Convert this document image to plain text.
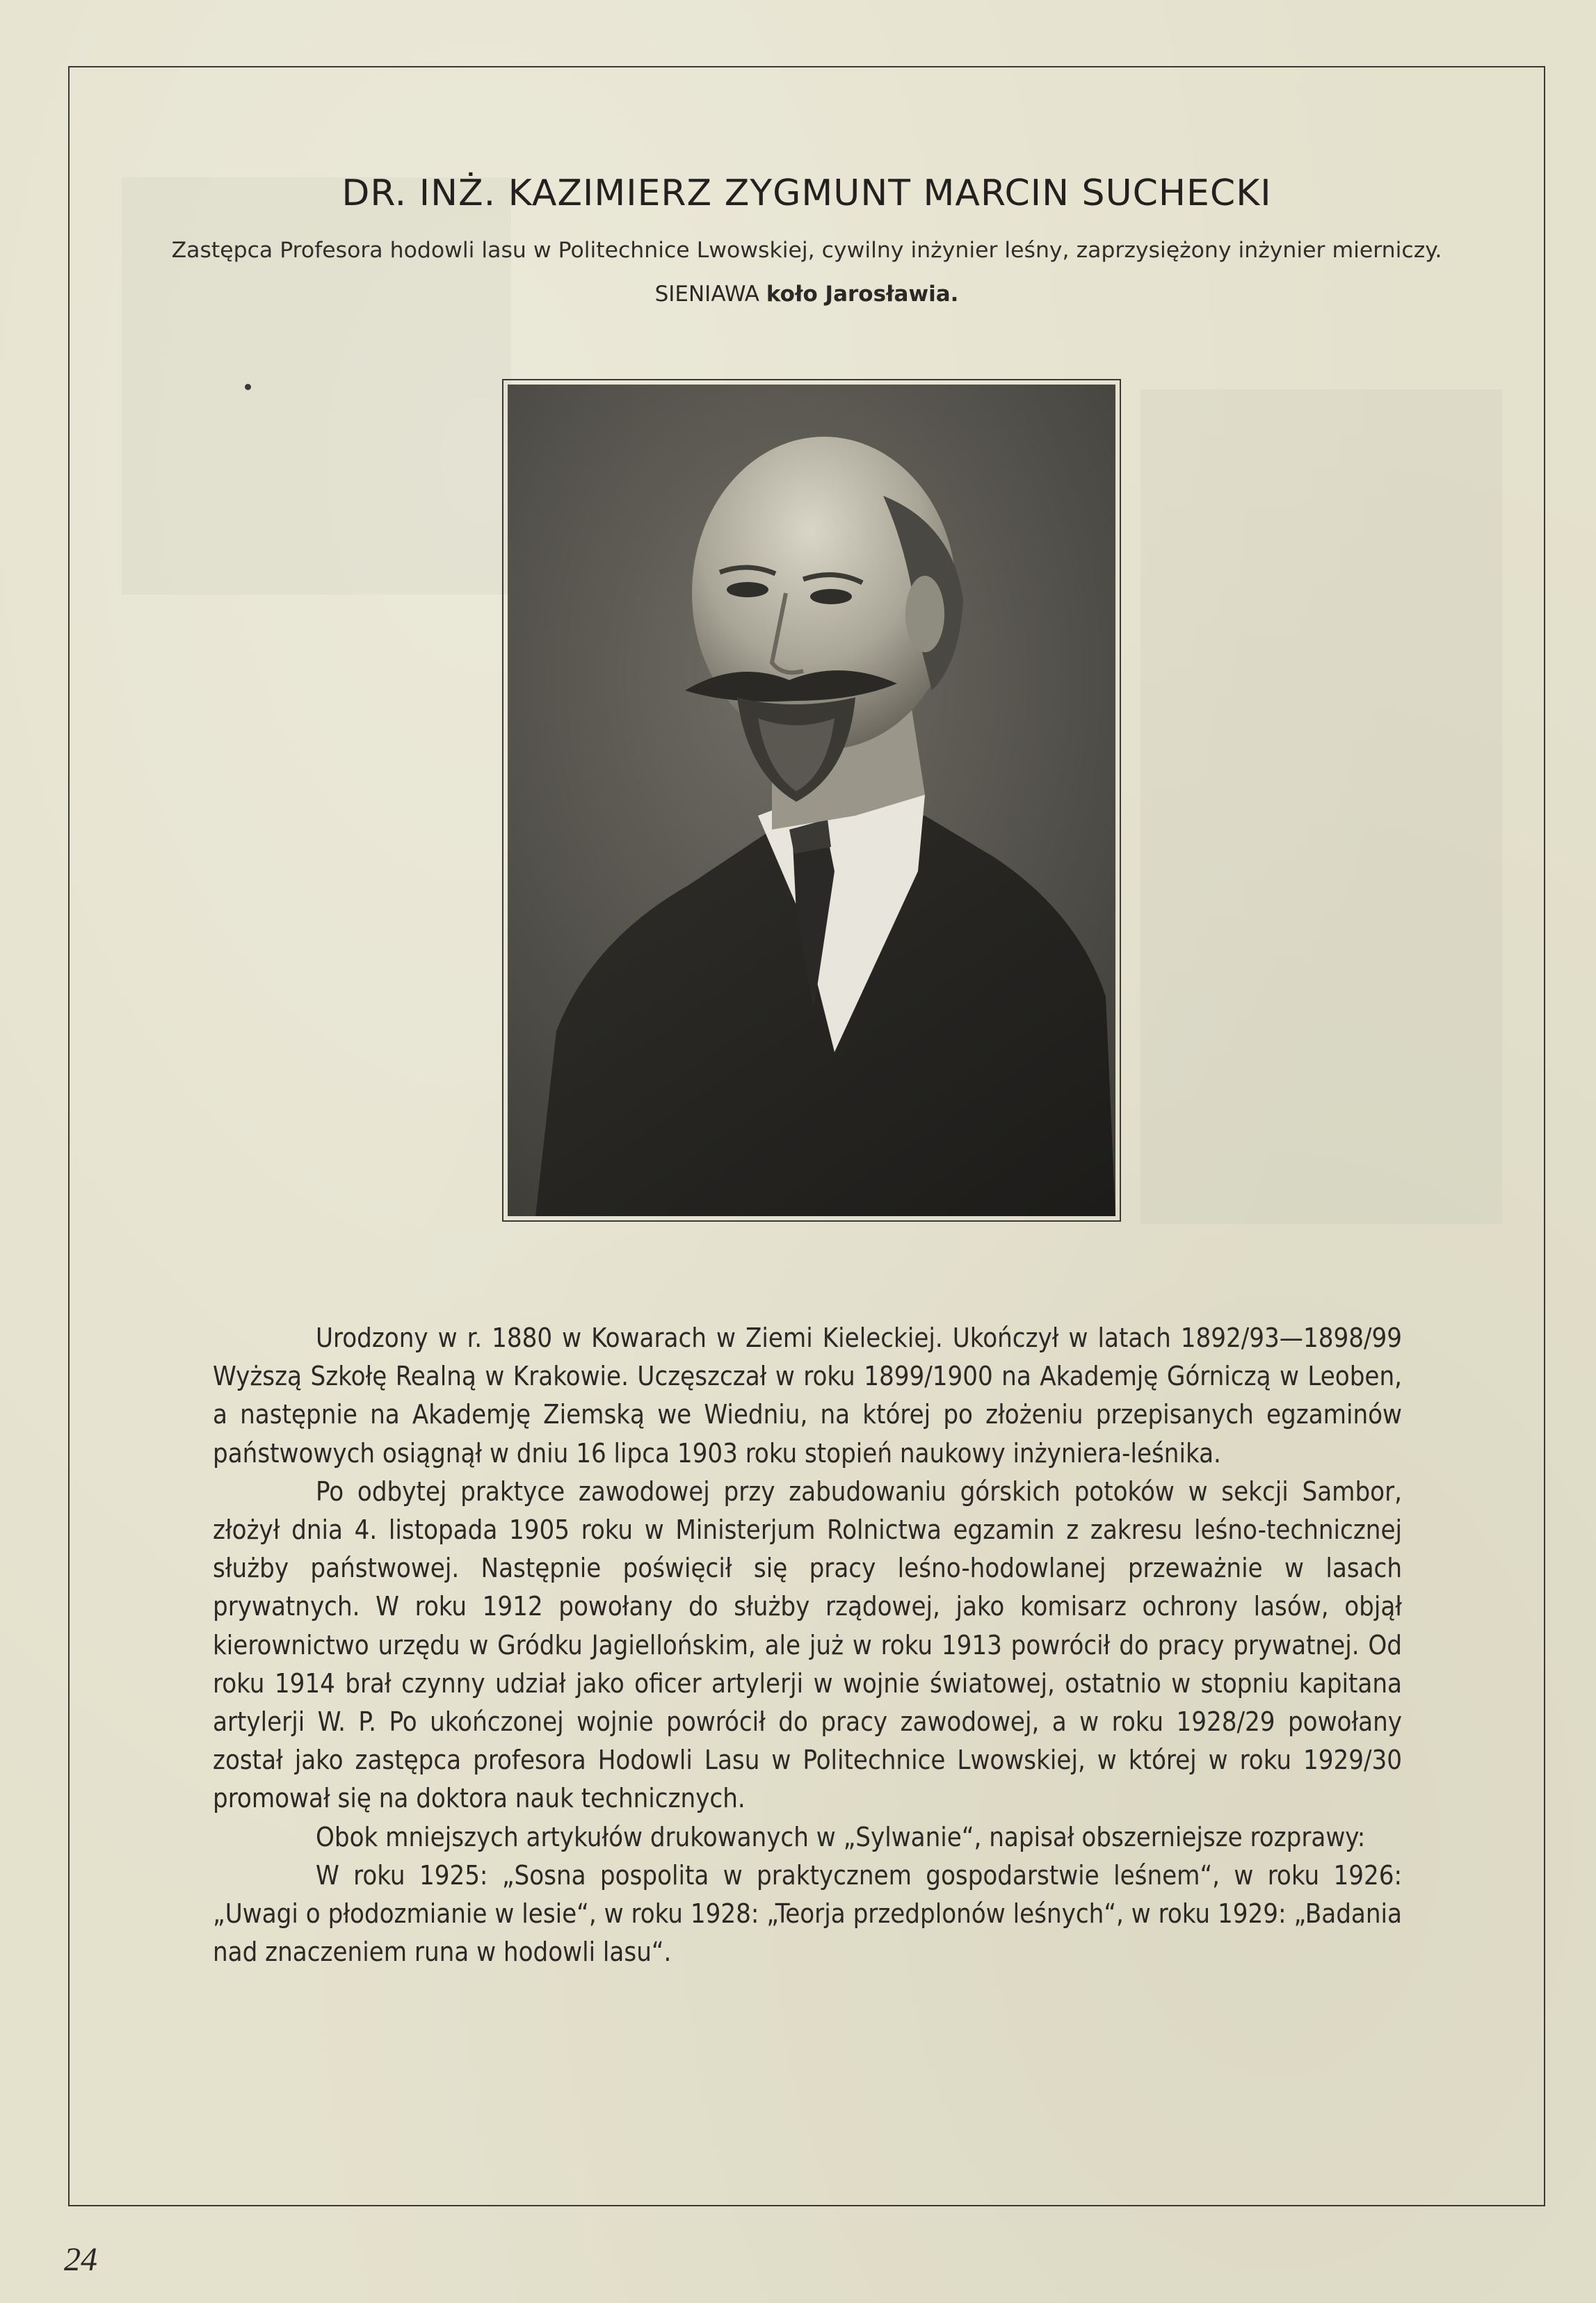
DR. INŻ. KAZIMIERZ ZYGMUNT MARCIN SUCHECKI
Zastępca Profesora hodowli lasu w Politechnice Lwowskiej, cywilny inżynier leśny, zaprzysiężony inżynier mierniczy.
SIENIAWA koło Jarosławia.

Urodzony w r. 1880 w Kowarach w Ziemi Kieleckiej. Ukończył w latach 1892/93—1898/99 Wyższą Szkołę Realną w Krakowie. Uczęszczał w roku 1899/1900 na Akademję Górniczą w Leoben, a następnie na Akademję Ziemską we Wiedniu, na której po złożeniu przepisanych egzaminów państwowych osiągnął w dniu 16 lipca 1903 roku stopień naukowy inżyniera-leśnika.

Po odbytej praktyce zawodowej przy zabudowaniu górskich potoków w sekcji Sambor, złożył dnia 4. listopada 1905 roku w Ministerjum Rolnictwa egzamin z zakresu leśno-technicznej służby państwowej. Następnie poświęcił się pracy leśno-hodowlanej przeważnie w lasach prywatnych. W roku 1912 powołany do służby rządowej, jako komisarz ochrony lasów, objął kierownictwo urzędu w Gródku Jagiellońskim, ale już w roku 1913 powrócił do pracy prywatnej. Od roku 1914 brał czynny udział jako oficer artylerji w wojnie światowej, ostatnio w stopniu kapitana artylerji W. P. Po ukończonej wojnie powrócił do pracy zawodowej, a w roku 1928/29 powołany został jako zastępca profesora Hodowli Lasu w Politechnice Lwowskiej, w której w roku 1929/30 promował się na doktora nauk technicznych.

Obok mniejszych artykułów drukowanych w „Sylwanie“, napisał obszerniejsze rozprawy:

W roku 1925: „Sosna pospolita w praktycznem gospodarstwie leśnem“, w roku 1926: „Uwagi o płodozmianie w lesie“, w roku 1928: „Teorja przedplonów leśnych“, w roku 1929: „Badania nad znaczeniem runa w hodowli lasu“.

24
